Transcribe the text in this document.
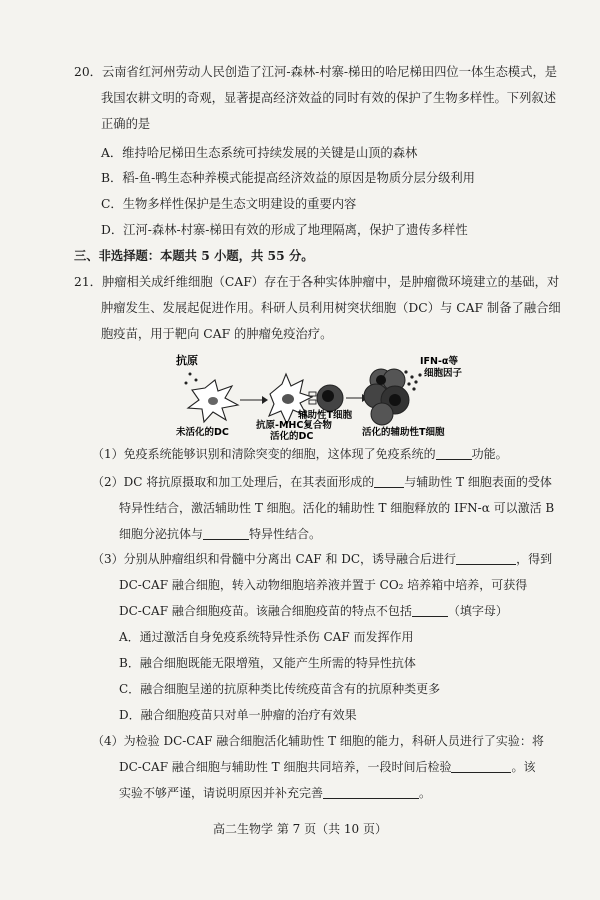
20．云南省红河州劳动人民创造了江河-森林-村寨-梯田的哈尼梯田四位一体生态模式，是
我国农耕文明的奇观，显著提高经济效益的同时有效的保护了生物多样性。下列叙述
正确的是
A．维持哈尼梯田生态系统可持续发展的关键是山顶的森林
B．稻-鱼-鸭生态种养模式能提高经济效益的原因是物质分层分级利用
C．生物多样性保护是生态文明建设的重要内容
D．江河-森林-村寨-梯田有效的形成了地理隔离，保护了遗传多样性
三、非选择题：本题共 5 小题，共 55 分。
21．肿瘤相关成纤维细胞（CAF）存在于各种实体肿瘤中，是肿瘤微环境建立的基础，对
肿瘤发生、发展起促进作用。科研人员利用树突状细胞（DC）与 CAF 制备了融合细
胞疫苗，用于靶向 CAF 的肿瘤免疫治疗。
抗原
未活化的DC
抗原-MHC复合物
活化的DC
辅助性T细胞
IFN-α等
细胞因子
活化的辅助性T细胞
（1）免疫系统能够识别和清除突变的细胞，这体现了免疫系统的	功能。
（2）DC 将抗原摄取和加工处理后，在其表面形成的	与辅助性 T 细胞表面的受体
特异性结合，激活辅助性 T 细胞。活化的辅助性 T 细胞释放的 IFN-α 可以激活 B
细胞分泌抗体与	特异性结合。
（3）分别从肿瘤组织和骨髓中分离出 CAF 和 DC，诱导融合后进行	，得到
DC-CAF 融合细胞，转入动物细胞培养液并置于 CO₂ 培养箱中培养，可获得
DC-CAF 融合细胞疫苗。该融合细胞疫苗的特点不包括	（填字母）
A．通过激活自身免疫系统特异性杀伤 CAF 而发挥作用
B．融合细胞既能无限增殖，又能产生所需的特异性抗体
C．融合细胞呈递的抗原种类比传统疫苗含有的抗原种类更多
D．融合细胞疫苗只对单一肿瘤的治疗有效果
（4）为检验 DC-CAF 融合细胞活化辅助性 T 细胞的能力，科研人员进行了实验：将
DC-CAF 融合细胞与辅助性 T 细胞共同培养，一段时间后检验	。该
实验不够严谨，请说明原因并补充完善	。
高二生物学 第 7 页（共 10 页）
